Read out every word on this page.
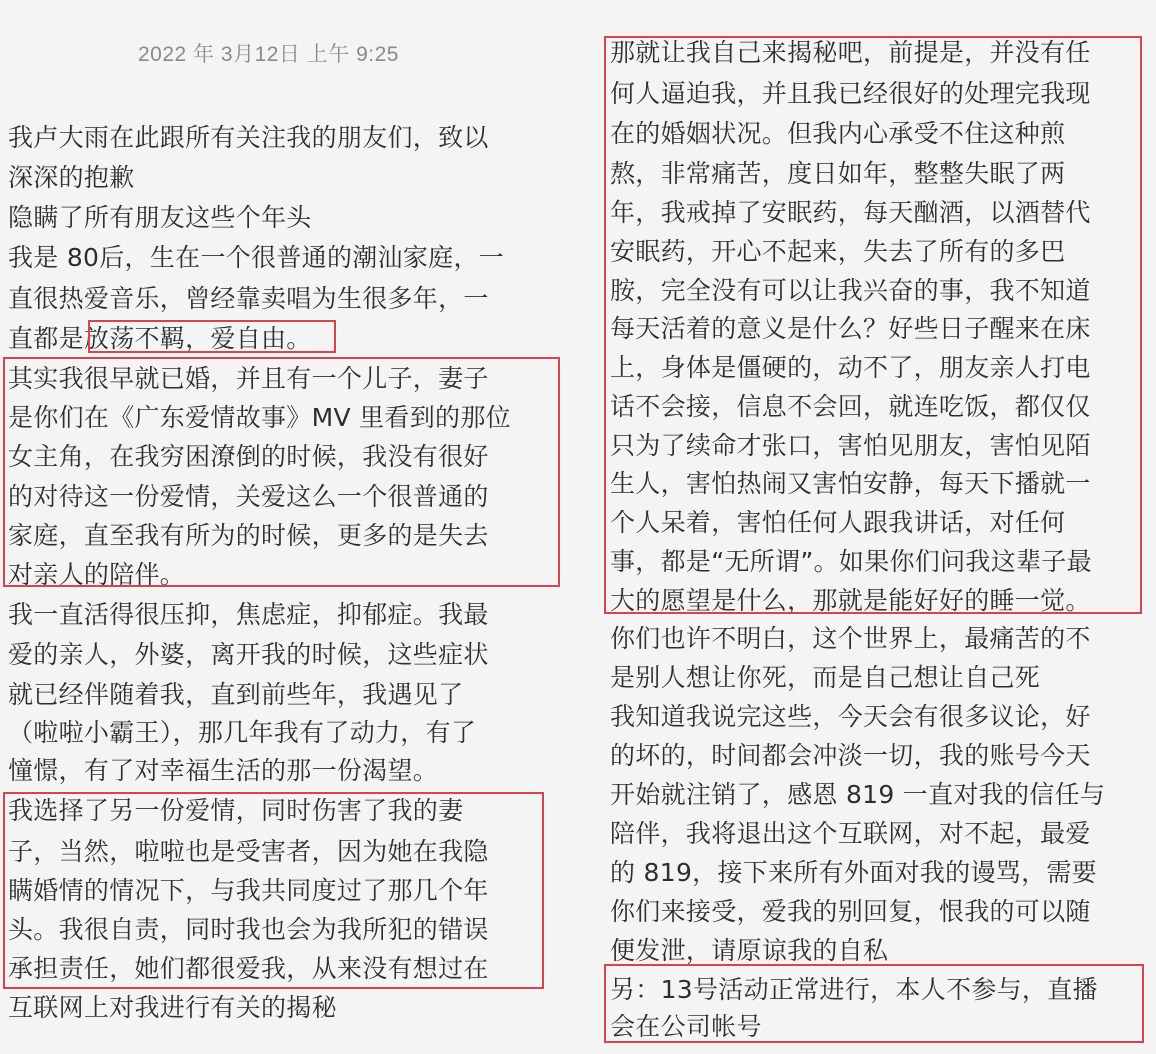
2022 年 3月12日 上午 9:25
我卢大雨在此跟所有关注我的朋友们，致以
深深的抱歉
隐瞒了所有朋友这些个年头
我是 80后，生在一个很普通的潮汕家庭，一
直很热爱音乐，曾经靠卖唱为生很多年，一
直都是放荡不羁，爱自由。
其实我很早就已婚，并且有一个儿子，妻子
是你们在《广东爱情故事》MV 里看到的那位
女主角，在我穷困潦倒的时候，我没有很好
的对待这一份爱情，关爱这么一个很普通的
家庭，直至我有所为的时候，更多的是失去
对亲人的陪伴。
我一直活得很压抑，焦虑症，抑郁症。我最
爱的亲人，外婆，离开我的时候，这些症状
就已经伴随着我，直到前些年，我遇见了
（啦啦小霸王），那几年我有了动力，有了
憧憬，有了对幸福生活的那一份渴望。
我选择了另一份爱情，同时伤害了我的妻
子，当然，啦啦也是受害者，因为她在我隐
瞒婚情的情况下，与我共同度过了那几个年
头。我很自责，同时我也会为我所犯的错误
承担责任，她们都很爱我，从来没有想过在
互联网上对我进行有关的揭秘
那就让我自己来揭秘吧，前提是，并没有任
何人逼迫我，并且我已经很好的处理完我现
在的婚姻状况。但我内心承受不住这种煎
熬，非常痛苦，度日如年，整整失眠了两
年，我戒掉了安眠药，每天酗酒，以酒替代
安眠药，开心不起来，失去了所有的多巴
胺，完全没有可以让我兴奋的事，我不知道
每天活着的意义是什么？好些日子醒来在床
上，身体是僵硬的，动不了，朋友亲人打电
话不会接，信息不会回，就连吃饭，都仅仅
只为了续命才张口，害怕见朋友，害怕见陌
生人，害怕热闹又害怕安静，每天下播就一
个人呆着，害怕任何人跟我讲话，对任何
事，都是“无所谓”。如果你们问我这辈子最
大的愿望是什么，那就是能好好的睡一觉。
你们也许不明白，这个世界上，最痛苦的不
是别人想让你死，而是自己想让自己死
我知道我说完这些，今天会有很多议论，好
的坏的，时间都会冲淡一切，我的账号今天
开始就注销了，感恩 819 一直对我的信任与
陪伴，我将退出这个互联网，对不起，最爱
的 819，接下来所有外面对我的谩骂，需要
你们来接受，爱我的别回复，恨我的可以随
便发泄，请原谅我的自私
另：13号活动正常进行，本人不参与，直播
会在公司帐号
